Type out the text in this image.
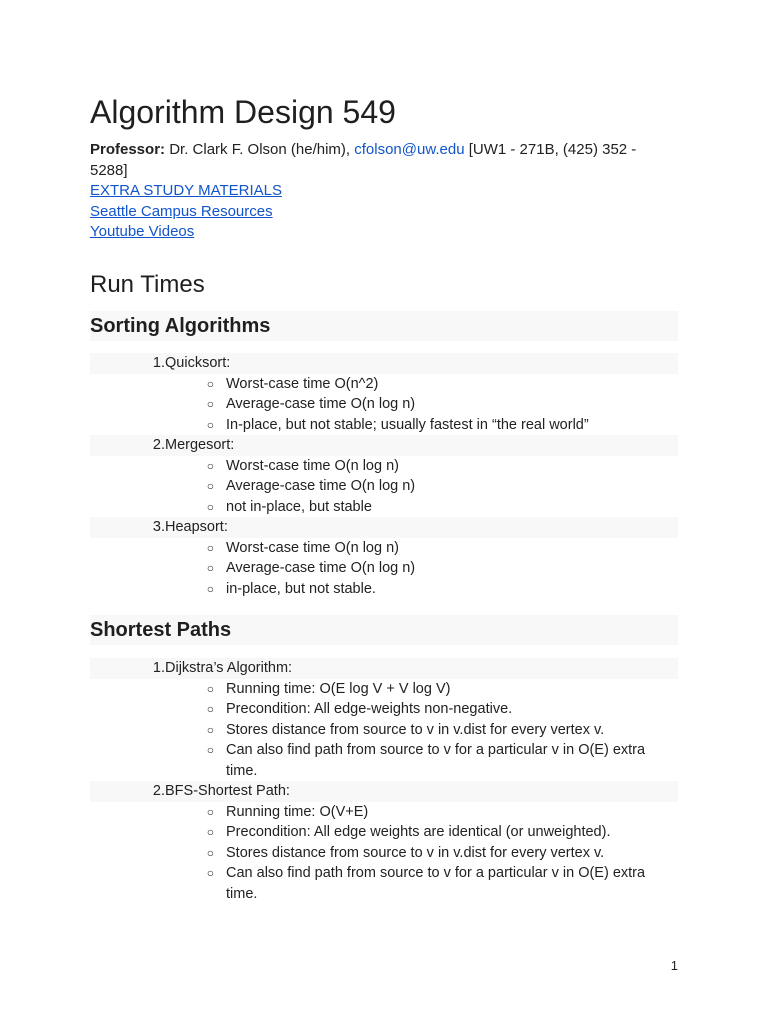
Algorithm Design 549
Professor: Dr. Clark F. Olson (he/him), cfolson@uw.edu [UW1 - 271B, (425) 352 - 5288]
EXTRA STUDY MATERIALS
Seattle Campus Resources
Youtube Videos
Run Times
Sorting Algorithms
1. Quicksort:
○ Worst-case time O(n^2)
○ Average-case time O(n log n)
○ In-place, but not stable; usually fastest in “the real world”
2. Mergesort:
○ Worst-case time O(n log n)
○ Average-case time O(n log n)
○ not in-place, but stable
3. Heapsort:
○ Worst-case time O(n log n)
○ Average-case time O(n log n)
○ in-place, but not stable.
Shortest Paths
1. Dijkstra’s Algorithm:
○ Running time: O(E log V + V log V)
○ Precondition: All edge-weights non-negative.
○ Stores distance from source to v in v.dist for every vertex v.
○ Can also find path from source to v for a particular v in O(E) extra time.
2. BFS-Shortest Path:
○ Running time: O(V+E)
○ Precondition: All edge weights are identical (or unweighted).
○ Stores distance from source to v in v.dist for every vertex v.
○ Can also find path from source to v for a particular v in O(E) extra time.
1
